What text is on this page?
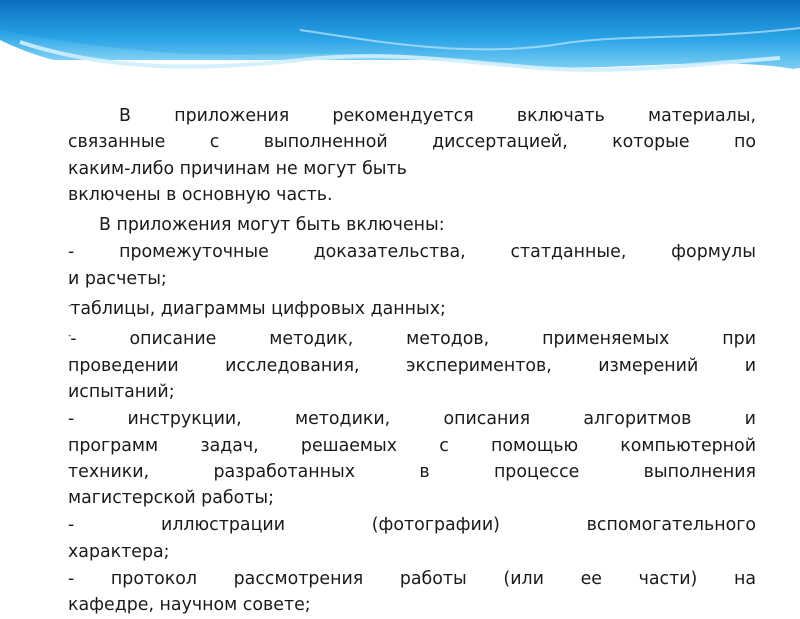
В приложения рекомендуется включать материалы,
связанные с выполненной диссертацией, которые по
каким-либо причинам не могут быть
включены в основную часть.
В приложения могут быть включены:
- промежуточные доказательства, статданные, формулы
и расчеты;
-таблицы, диаграммы цифровых данных;
-- описание методик, методов, применяемых при
проведении исследования, экспериментов, измерений и
испытаний;
- инструкции, методики, описания алгоритмов и
программ задач, решаемых с помощью компьютерной
техники, разработанных в процессе выполнения
магистерской работы;
- иллюстрации (фотографии) вспомогательного
характера;
- протокол рассмотрения работы (или ее части) на
кафедре, научном совете;
